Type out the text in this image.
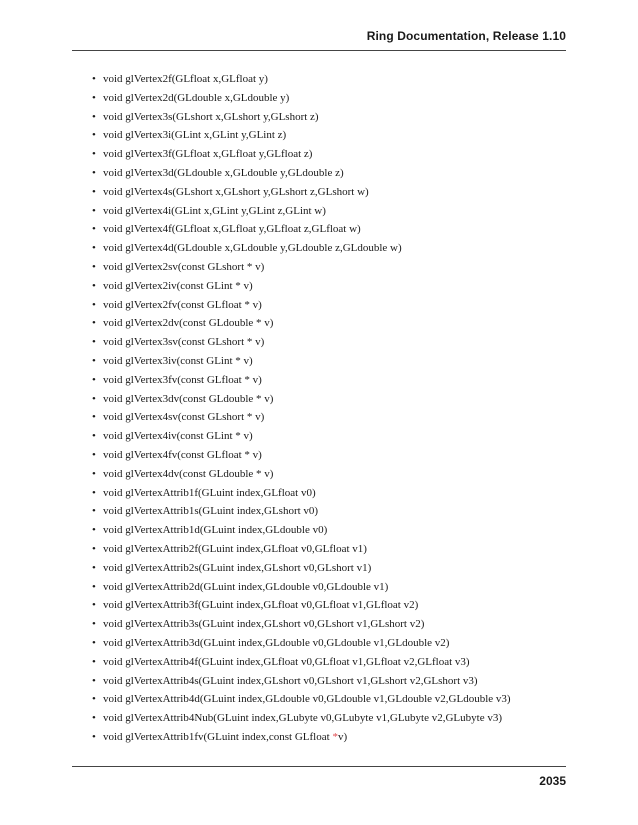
Ring Documentation, Release 1.10
• void glVertex2f(GLfloat x,GLfloat y)
• void glVertex2d(GLdouble x,GLdouble y)
• void glVertex3s(GLshort x,GLshort y,GLshort z)
• void glVertex3i(GLint x,GLint y,GLint z)
• void glVertex3f(GLfloat x,GLfloat y,GLfloat z)
• void glVertex3d(GLdouble x,GLdouble y,GLdouble z)
• void glVertex4s(GLshort x,GLshort y,GLshort z,GLshort w)
• void glVertex4i(GLint x,GLint y,GLint z,GLint w)
• void glVertex4f(GLfloat x,GLfloat y,GLfloat z,GLfloat w)
• void glVertex4d(GLdouble x,GLdouble y,GLdouble z,GLdouble w)
• void glVertex2sv(const GLshort * v)
• void glVertex2iv(const GLint * v)
• void glVertex2fv(const GLfloat * v)
• void glVertex2dv(const GLdouble * v)
• void glVertex3sv(const GLshort * v)
• void glVertex3iv(const GLint * v)
• void glVertex3fv(const GLfloat * v)
• void glVertex3dv(const GLdouble * v)
• void glVertex4sv(const GLshort * v)
• void glVertex4iv(const GLint * v)
• void glVertex4fv(const GLfloat * v)
• void glVertex4dv(const GLdouble * v)
• void glVertexAttrib1f(GLuint index,GLfloat v0)
• void glVertexAttrib1s(GLuint index,GLshort v0)
• void glVertexAttrib1d(GLuint index,GLdouble v0)
• void glVertexAttrib2f(GLuint index,GLfloat v0,GLfloat v1)
• void glVertexAttrib2s(GLuint index,GLshort v0,GLshort v1)
• void glVertexAttrib2d(GLuint index,GLdouble v0,GLdouble v1)
• void glVertexAttrib3f(GLuint index,GLfloat v0,GLfloat v1,GLfloat v2)
• void glVertexAttrib3s(GLuint index,GLshort v0,GLshort v1,GLshort v2)
• void glVertexAttrib3d(GLuint index,GLdouble v0,GLdouble v1,GLdouble v2)
• void glVertexAttrib4f(GLuint index,GLfloat v0,GLfloat v1,GLfloat v2,GLfloat v3)
• void glVertexAttrib4s(GLuint index,GLshort v0,GLshort v1,GLshort v2,GLshort v3)
• void glVertexAttrib4d(GLuint index,GLdouble v0,GLdouble v1,GLdouble v2,GLdouble v3)
• void glVertexAttrib4Nub(GLuint index,GLubyte v0,GLubyte v1,GLubyte v2,GLubyte v3)
• void glVertexAttrib1fv(GLuint index,const GLfloat *v)
2035
